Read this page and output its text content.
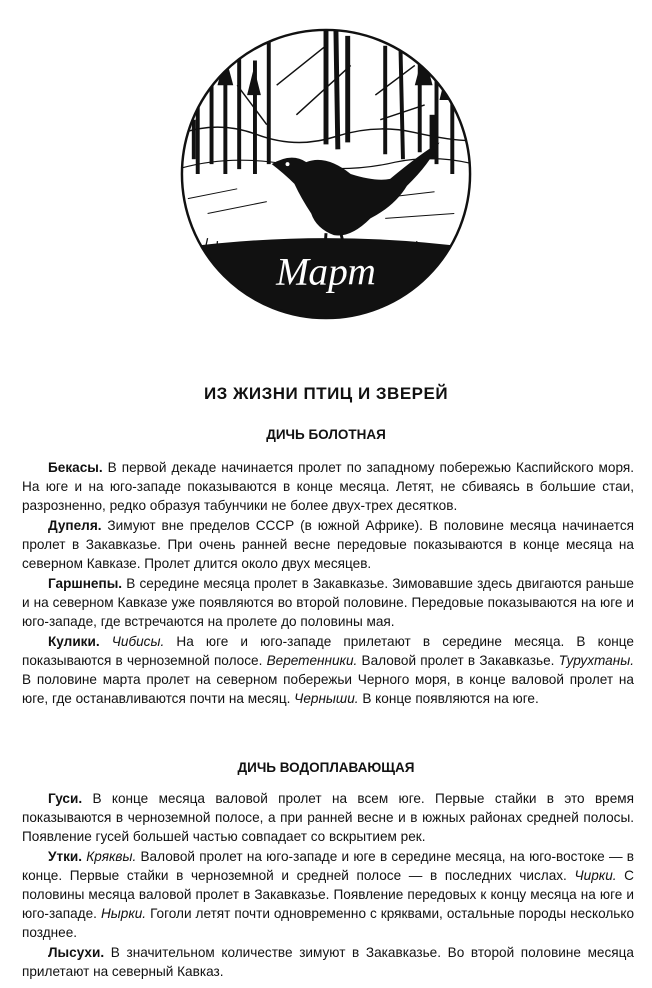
Март
ИЗ ЖИЗНИ ПТИЦ И ЗВЕРЕЙ
ДИЧЬ БОЛОТНАЯ

Бекасы. В первой декаде начинается пролет по западному побережью Каспийского моря. На юге и на юго-западе показываются в конце месяца. Летят, не сбиваясь в большие стаи, разрозненно, редко образуя табунчики не более двух-трех десятков.

Дупеля. Зимуют вне пределов СССР (в южной Африке). В половине месяца начинается пролет в Закавказье. При очень ранней весне передовые показываются в конце месяца на северном Кавказе. Пролет длится около двух месяцев.

Гаршнепы. В середине месяца пролет в Закавказье. Зимовавшие здесь двигаются раньше и на северном Кавказе уже появляются во второй половине. Передовые показываются на юге и юго-западе, где встречаются на пролете до половины мая.

Кулики. Чибисы. На юге и юго-западе прилетают в середине месяца. В конце показываются в черноземной полосе. Веретенники. Валовой пролет в Закавказье. Турухтаны. В половине марта пролет на северном побережьи Черного моря, в конце валовой пролет на юге, где останавливаются почти на месяц. Черныши. В конце появляются на юге.

ДИЧЬ ВОДОПЛАВАЮЩАЯ

Гуси. В конце месяца валовой пролет на всем юге. Первые стайки в это время показываются в черноземной полосе, а при ранней весне и в южных районах средней полосы. Появление гусей большей частью совпадает со вскрытием рек.

Утки. Кряквы. Валовой пролет на юго-западе и юге в середине месяца, на юго-востоке — в конце. Первые стайки в черноземной и средней полосе — в последних числах. Чирки. С половины месяца валовой пролет в Закавказье. Появление передовых к концу месяца на юге и юго-западе. Нырки. Гоголи летят почти одновременно с кряквами, остальные породы несколько позднее.

Лысухи. В значительном количестве зимуют в Закавказье. Во второй половине месяца прилетают на северный Кавказ.
